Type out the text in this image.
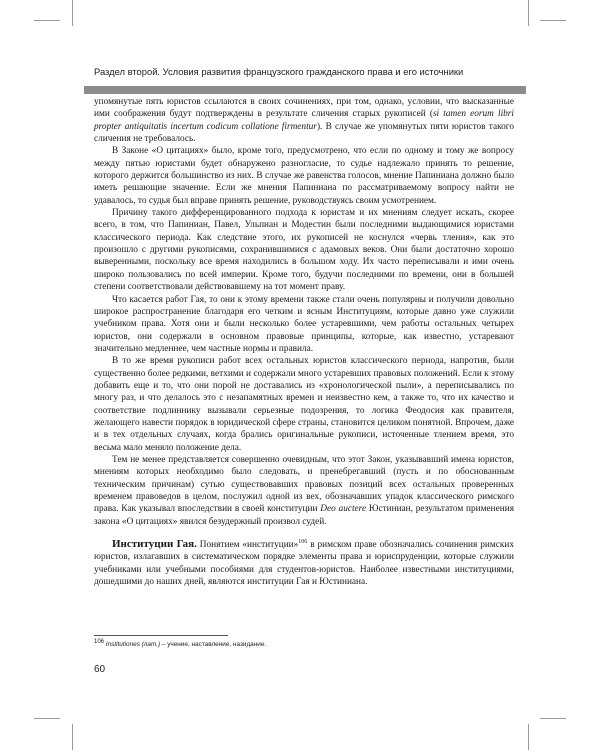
Раздел второй. Условия развития французского гражданского права и его источники

упомянутые пять юристов ссылаются в своих сочинениях, при том, однако, условии, что высказанные ими соображения будут подтверждены в результате сличения старых рукописей (si tamen eorum libri propter antiquitatis incertum codicum collatione firmentur). В случае же упомянутых пяти юристов такого сличения не требовалось.

В Законе «О цитациях» было, кроме того, предусмотрено, что если по одному и тому же вопросу между пятью юристами будет обнаружено разногласие, то судье надлежало принять то решение, которого держится большинство из них. В случае же равенства голосов, мнение Папиниана должно было иметь решающие значение. Если же мнения Папиниана по рассматриваемому вопросу найти не удавалось, то судья был вправе принять решение, руководствуясь своим усмотрением.

Причину такого дифференцированного подхода к юристам и их мнениям следует искать, скорее всего, в том, что Папиниан, Павел, Ульпиан и Модестин были последними выдающимися юристами классического периода. Как следствие этого, их рукописей не коснулся «червь тления», как это произошло с другими рукописями, сохранившимися с адамовых веков. Они были достаточно хорошо выверенными, поскольку все время находились в большом ходу. Их часто переписывали и ими очень широко пользовались по всей империи. Кроме того, будучи последними по времени, они в большей степени соответствовали действовавшему на тот момент праву.

Что касается работ Гая, то они к этому времени также стали очень популярны и получили довольно широкое распространение благодаря его четким и ясным Институциям, которые давно уже служили учебником права. Хотя они и были несколько более устаревшими, чем работы остальных четырех юристов, они содержали в основном правовые принципы, которые, как известно, устаревают значительно медленнее, чем частные нормы и правила.

В то же время рукописи работ всех остальных юристов классического периода, напротив, были существенно более редкими, ветхими и содержали много устаревших правовых положений. Если к этому добавить еще и то, что они порой не доставались из «хронологической пыли», а переписывались по многу раз, и что делалось это с незапамятных времен и неизвестно кем, а также то, что их качество и соответствие подлиннику вызывали серьезные подозрения, то логика Феодосия как правителя, желающего навести порядок в юридической сфере страны, становится целиком понятной. Впрочем, даже и в тех отдельных случаях, когда брались оригинальные рукописи, источенные тлением время, это весьма мало меняло положение дела.

Тем не менее представляется совершенно очевидным, что этот Закон, указывавший имена юристов, мнениям которых необходимо было следовать, и пренебрегавший (пусть и по обоснованным техническим причинам) сутью существовавших правовых позиций всех остальных проверенных временем правоведов в целом, послужил одной из вех, обозначавших упадок классического римского права. Как указывал впоследствии в своей конституции Deo auctere Юстиниан, результатом применения закона «О цитациях» явился безудержный произвол судей.

Институции Гая. Понятием «институции»$^{106}$ в римском праве обозначались сочинения римских юристов, излагавших в систематическом порядке элементы права и юриспруденции, которые служили учебниками или учебными пособиями для студентов-юристов. Наиболее известными институциями, дошедшими до наших дней, являются институции Гая и Юстиниана.

$^{106}$ Institutiones (лат.) – учение, наставление, назидание.
60
